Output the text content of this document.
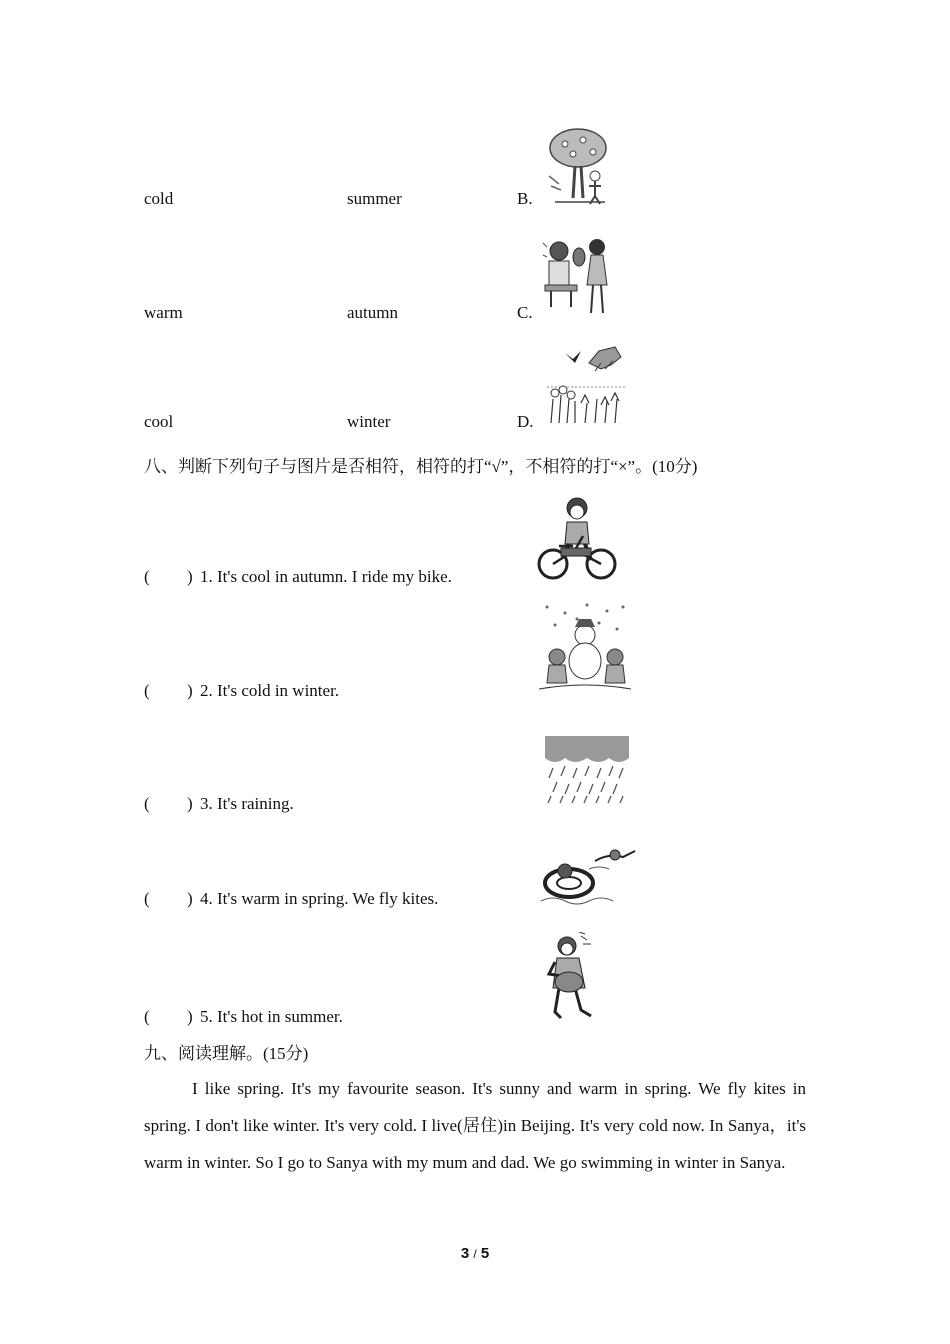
cold	summer	B.
warm	autumn	C.
cool	winter	D.
八、判断下列句子与图片是否相符，相符的打“√”，不相符的打“×”。(10分)
( ) 1. It's cool in autumn. I ride my bike.
( ) 2. It's cold in winter.
( ) 3. It's raining.
( ) 4. It's warm in spring. We fly kites.
( ) 5. It's hot in summer.
九、阅读理解。(15分)

I like spring. It's my favourite season. It's sunny and warm in spring. We fly kites in spring. I don't like winter. It's very cold. I live(居住)in Beijing. It's very cold now. In Sanya，it's warm in winter. So I go to Sanya with my mum and dad. We go swimming in winter in Sanya.

3 / 5
